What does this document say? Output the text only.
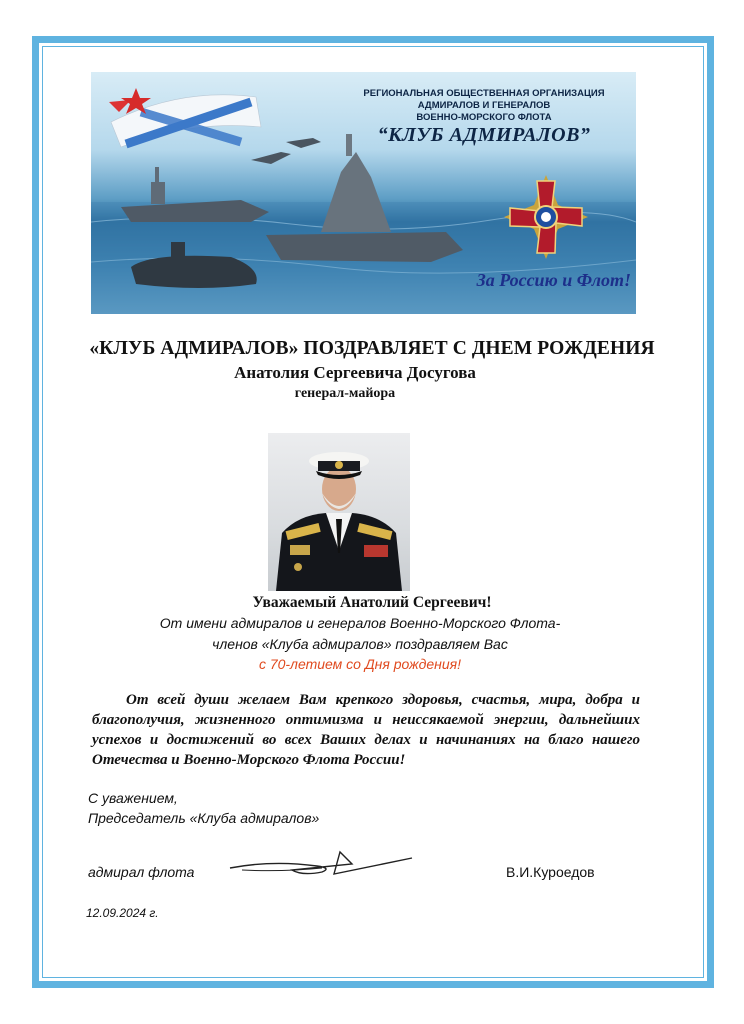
РЕГИОНАЛЬНАЯ ОБЩЕСТВЕННАЯ ОРГАНИЗАЦИЯ
АДМИРАЛОВ И ГЕНЕРАЛОВ
ВОЕННО-МОРСКОГО ФЛОТА
“КЛУБ АДМИРАЛОВ”
За Россию и Флот!
«КЛУБ АДМИРАЛОВ» ПОЗДРАВЛЯЕТ С ДНЕМ РОЖДЕНИЯ
Анатолия Сергеевича Досугова
генерал-майора
Уважаемый Анатолий Сергеевич!
От имени адмиралов и генералов Военно-Морского Флота-
членов «Клуба адмиралов» поздравляем Вас
с 70-летием со Дня рождения!
От всей души желаем Вам крепкого здоровья, счастья, мира, добра и благополучия, жизненного оптимизма и неиссякаемой энергии, дальнейших успехов и достижений во всех Ваших делах и начинаниях на благо нашего Отечества и Военно-Морского Флота России!
С уважением,
Председатель «Клуба адмиралов»
адмирал флота	В.И.Куроедов
12.09.2024 г.
